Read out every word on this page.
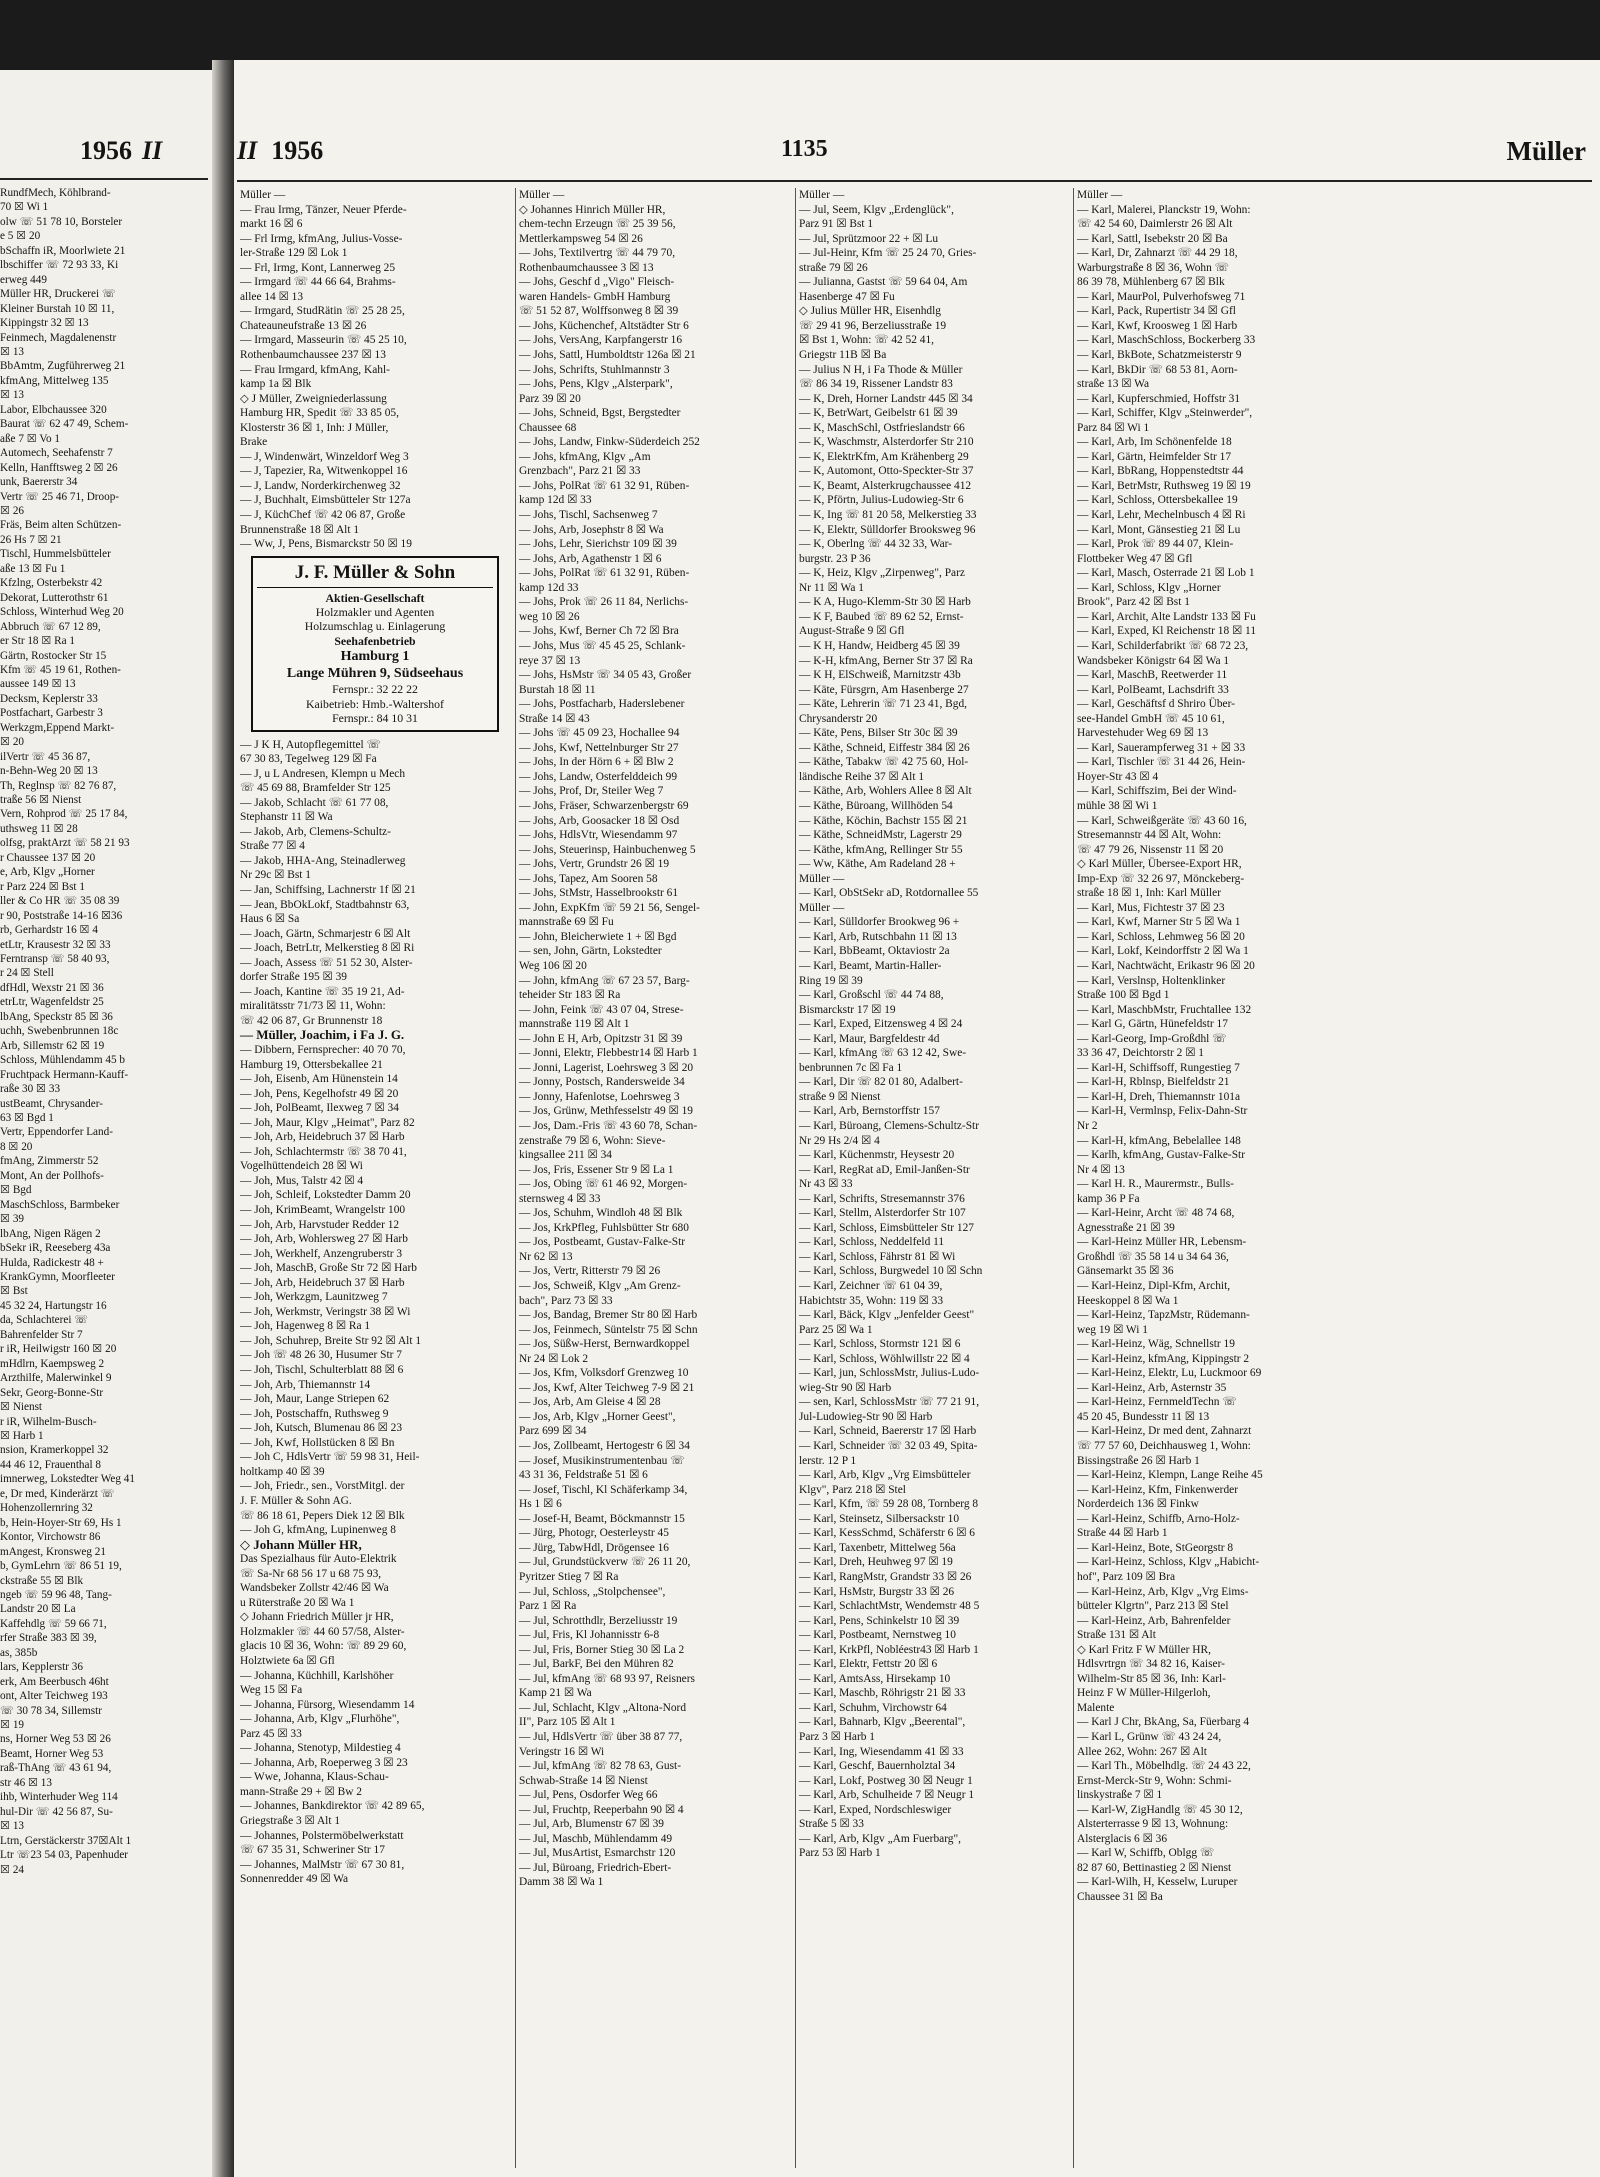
1956 II
RundfMech, Köhlbrand-
70 ☒ Wi 1
olw ☏ 51 78 10, Borsteler
e 5 ☒ 20
bSchaffn iR, Moorlwiete 21
lbschiffer ☏ 72 93 33, Ki
erweg 449
Müller HR, Druckerei ☏
Kleiner Burstah 10 ☒ 11,
Kippingstr 32 ☒ 13
Feinmech, Magdalenenstr
☒ 13
BbAmtm, Zugführerweg 21
kfmAng, Mittelweg 135
☒ 13
Labor, Elbchaussee 320
Baurat ☏ 62 47 49, Schem-
aße 7 ☒ Vo 1
Automech, Seehafenstr 7
Kelln, Hanfftsweg 2 ☒ 26
unk, Baererstr 34
Vertr ☏ 25 46 71, Droop-
☒ 26
Fräs, Beim alten Schützen-
26 Hs 7 ☒ 21
Tischl, Hummelsbütteler
aße 13 ☒ Fu 1
Kfzlng, Osterbekstr 42
Dekorat, Lutterothstr 61
Schloss, Winterhud Weg 20
Abbruch ☏ 67 12 89,
er Str 18 ☒ Ra 1
Gärtn, Rostocker Str 15
Kfm ☏ 45 19 61, Rothen-
aussee 149 ☒ 13
Decksm, Keplerstr 33
Postfachart, Garbestr 3
Werkzgm,Eppend Markt-
☒ 20
ilVertr ☏ 45 36 87,
n-Behn-Weg 20 ☒ 13
Th, Reglnsp ☏ 82 76 87,
traße 56 ☒ Nienst
Vern, Rohprod ☏ 25 17 84,
uthsweg 11 ☒ 28
olfsg, praktArzt ☏ 58 21 93
r Chaussee 137 ☒ 20
e, Arb, Klgv „Horner
r Parz 224 ☒ Bst 1
ller & Co HR ☏ 35 08 39
r 90, Poststraße 14-16 ☒36
rb, Gerhardstr 16 ☒ 4
etLtr, Krausestr 32 ☒ 33
Ferntransp ☏ 58 40 93,
r 24 ☒ Stell
dfHdl, Wexstr 21 ☒ 36
etrLtr, Wagenfeldstr 25
lbAng, Speckstr 85 ☒ 36
uchh, Swebenbrunnen 18c
Arb, Sillemstr 62 ☒ 19
Schloss, Mühlendamm 45 b
Fruchtpack Hermann-Kauff-
raße 30 ☒ 33
ustBeamt, Chrysander-
63 ☒ Bgd 1
Vertr, Eppendorfer Land-
8 ☒ 20
fmAng, Zimmerstr 52
Mont, An der Pollhofs-
☒ Bgd
MaschSchloss, Barmbeker
☒ 39
lbAng, Nigen Rägen 2
bSekr iR, Reeseberg 43a
Hulda, Radickestr 48 +
KrankGymn, Moorfleeter
☒ Bst
45 32 24, Hartungstr 16
da, Schlachterei ☏
Bahrenfelder Str 7
r iR, Heilwigstr 160 ☒ 20
mHdlrn, Kaempsweg 2
Arzthilfe, Malerwinkel 9
Sekr, Georg-Bonne-Str
☒ Nienst
r iR, Wilhelm-Busch-
☒ Harb 1
nsion, Kramerkoppel 32
44 46 12, Frauenthal 8
imnerweg, Lokstedter Weg 41
e, Dr med, Kinderärzt ☏
Hohenzollernring 32
b, Hein-Hoyer-Str 69, Hs 1
Kontor, Virchowstr 86
mAngest, Kronsweg 21
b, GymLehrn ☏ 86 51 19,
ckstraße 55 ☒ Blk
ngeb ☏ 59 96 48, Tang-
Landstr 20 ☒ La
Kaffehdlg ☏ 59 66 71,
rfer Straße 383 ☒ 39,
as, 385b
lars, Kepplerstr 36
erk, Am Beerbusch 46ht
ont, Alter Teichweg 193
☏ 30 78 34, Sillemstr
☒ 19
ns, Horner Weg 53 ☒ 26
Beamt, Horner Weg 53
raß-ThAng ☏ 43 61 94,
str 46 ☒ 13
ihb, Winterhuder Weg 114
hul-Dir ☏ 42 56 87, Su-
☒ 13
Ltrn, Gerstäckerstr 37☒Alt 1
Ltr ☏23 54 03, Papenhuder
☒ 24
II 1956	1135	Müller
Müller —
— Frau Irmg, Tänzer, Neuer Pferde-
markt 16 ☒ 6
— Frl Irmg, kfmAng, Julius-Vosse-
ler-Straße 129 ☒ Lok 1
— Frl, Irmg, Kont, Lannerweg 25
— Irmgard ☏ 44 66 64, Brahms-
allee 14 ☒ 13
— Irmgard, StudRätin ☏ 25 28 25,
Chateauneufstraße 13 ☒ 26
— Irmgard, Masseurin ☏ 45 25 10,
Rothenbaumchaussee 237 ☒ 13
— Frau Irmgard, kfmAng, Kahl-
kamp 1a ☒ Blk
◇ J Müller, Zweigniederlassung
Hamburg HR, Spedit ☏ 33 85 05,
Klosterstr 36 ☒ 1, Inh: J Müller,
Brake
— J, Windenwärt, Winzeldorf Weg 3
— J, Tapezier, Ra, Witwenkoppel 16
— J, Landw, Norderkirchenweg 32
— J, Buchhalt, Eimsbütteler Str 127a
— J, KüchChef ☏ 42 06 87, Große
Brunnenstraße 18 ☒ Alt 1
— Ww, J, Pens, Bismarckstr 50 ☒ 19
J. F. Müller & Sohn
Aktien-Gesellschaft
Holzmakler und Agenten
Holzumschlag u. Einlagerung
Seehafenbetrieb
Hamburg 1
Lange Mühren 9, Südseehaus
Fernspr.: 32 22 22
Kaibetrieb: Hmb.-Waltershof
Fernspr.: 84 10 31
— J K H, Autopflegemittel ☏
67 30 83, Tegelweg 129 ☒ Fa
— J, u L Andresen, Klempn u Mech
☏ 45 69 88, Bramfelder Str 125
— Jakob, Schlacht ☏ 61 77 08,
Stephanstr 11 ☒ Wa
— Jakob, Arb, Clemens-Schultz-
Straße 77 ☒ 4
— Jakob, HHA-Ang, Steinadlerweg
Nr 29c ☒ Bst 1
— Jan, Schiffsing, Lachnerstr 1f ☒ 21
— Jean, BbOkLokf, Stadtbahnstr 63,
Haus 6 ☒ Sa
— Joach, Gärtn, Schmarjestr 6 ☒ Alt
— Joach, BetrLtr, Melkerstieg 8 ☒ Ri
— Joach, Assess ☏ 51 52 30, Alster-
dorfer Straße 195 ☒ 39
— Joach, Kantine ☏ 35 19 21, Ad-
miralitätsstr 71/73 ☒ 11, Wohn:
☏ 42 06 87, Gr Brunnenstr 18
— Müller, Joachim, i Fa J. G.
— Dibbern, Fernsprecher: 40 70 70,
Hamburg 19, Ottersbekallee 21
— Joh, Eisenb, Am Hünenstein 14
— Joh, Pens, Kegelhofstr 49 ☒ 20
— Joh, PolBeamt, Ilexweg 7 ☒ 34
— Joh, Maur, Klgv „Heimat", Parz 82
— Joh, Arb, Heidebruch 37 ☒ Harb
— Joh, Schlachtermstr ☏ 38 70 41,
Vogelhüttendeich 28 ☒ Wi
— Joh, Mus, Talstr 42 ☒ 4
— Joh, Schleif, Lokstedter Damm 20
— Joh, KrimBeamt, Wrangelstr 100
— Joh, Arb, Harvstuder Redder 12
— Joh, Arb, Wohlersweg 27 ☒ Harb
— Joh, Werkhelf, Anzengruberstr 3
— Joh, MaschB, Große Str 72 ☒ Harb
— Joh, Arb, Heidebruch 37 ☒ Harb
— Joh, Werkzgm, Launitzweg 7
— Joh, Werkmstr, Veringstr 38 ☒ Wi
— Joh, Hagenweg 8 ☒ Ra 1
— Joh, Schuhrep, Breite Str 92 ☒ Alt 1
— Joh ☏ 48 26 30, Husumer Str 7
— Joh, Tischl, Schulterblatt 88 ☒ 6
— Joh, Arb, Thiemannstr 14
— Joh, Maur, Lange Striepen 62
— Joh, Postschaffn, Ruthsweg 9
— Joh, Kutsch, Blumenau 86 ☒ 23
— Joh, Kwf, Hollstücken 8 ☒ Bn
— Joh C, HdlsVertr ☏ 59 98 31, Heil-
holtkamp 40 ☒ 39
— Joh, Friedr., sen., VorstMitgl. der
J. F. Müller & Sohn AG.
☏ 86 18 61, Pepers Diek 12 ☒ Blk
— Joh G, kfmAng, Lupinenweg 8
◇ Johann Müller HR,
Das Spezialhaus für Auto-Elektrik
☏ Sa-Nr 68 56 17 u 68 75 93,
Wandsbeker Zollstr 42/46 ☒ Wa
u Rüterstraße 20 ☒ Wa 1
◇ Johann Friedrich Müller jr HR,
Holzmakler ☏ 44 60 57/58, Alster-
glacis 10 ☒ 36, Wohn: ☏ 89 29 60,
Holztwiete 6a ☒ Gfl
— Johanna, Küchhill, Karlshöher
Weg 15 ☒ Fa
— Johanna, Fürsorg, Wiesendamm 14
— Johanna, Arb, Klgv „Flurhöhe",
Parz 45 ☒ 33
— Johanna, Stenotyp, Mildestieg 4
— Johanna, Arb, Roeperweg 3 ☒ 23
— Wwe, Johanna, Klaus-Schau-
mann-Straße 29 + ☒ Bw 2
— Johannes, Bankdirektor ☏ 42 89 65,
Griegstraße 3 ☒ Alt 1
— Johannes, Polstermöbelwerkstatt
☏ 67 35 31, Schweriner Str 17
— Johannes, MalMstr ☏ 67 30 81,
Sonnenredder 49 ☒ Wa
Müller —
◇ Johannes Hinrich Müller HR,
chem-techn Erzeugn ☏ 25 39 56,
Mettlerkampsweg 54 ☒ 26
— Johs, Textilvertrg ☏ 44 79 70,
Rothenbaumchaussee 3 ☒ 13
— Johs, Geschf d „Vigo" Fleisch-
waren Handels- GmbH Hamburg
☏ 51 52 87, Wolffsonweg 8 ☒ 39
— Johs, Küchenchef, Altstädter Str 6
— Johs, VersAng, Karpfangerstr 16
— Johs, Sattl, Humboldtstr 126a ☒ 21
— Johs, Schrifts, Stuhlmannstr 3
— Johs, Pens, Klgv „Alsterpark",
Parz 39 ☒ 20
— Johs, Schneid, Bgst, Bergstedter
Chaussee 68
— Johs, Landw, Finkw-Süderdeich 252
— Johs, kfmAng, Klgv „Am
Grenzbach", Parz 21 ☒ 33
— Johs, PolRat ☏ 61 32 91, Rüben-
kamp 12d ☒ 33
— Johs, Tischl, Sachsenweg 7
— Johs, Arb, Josephstr 8 ☒ Wa
— Johs, Lehr, Sierichstr 109 ☒ 39
— Johs, Arb, Agathenstr 1 ☒ 6
— Johs, PolRat ☏ 61 32 91, Rüben-
kamp 12d 33
— Johs, Prok ☏ 26 11 84, Nerlichs-
weg 10 ☒ 26
— Johs, Kwf, Berner Ch 72 ☒ Bra
— Johs, Mus ☏ 45 45 25, Schlank-
reye 37 ☒ 13
— Johs, HsMstr ☏ 34 05 43, Großer
Burstah 18 ☒ 11
— Johs, Postfacharb, Haderslebener
Straße 14 ☒ 43
— Johs ☏ 45 09 23, Hochallee 94
— Johs, Kwf, Nettelnburger Str 27
— Johs, In der Hörn 6 + ☒ Blw 2
— Johs, Landw, Osterfelddeich 99
— Johs, Prof, Dr, Steiler Weg 7
— Johs, Fräser, Schwarzenbergstr 69
— Johs, Arb, Goosacker 18 ☒ Osd
— Johs, HdlsVtr, Wiesendamm 97
— Johs, Steuerinsp, Hainbuchenweg 5
— Johs, Vertr, Grundstr 26 ☒ 19
— Johs, Tapez, Am Sooren 58
— Johs, StMstr, Hasselbrookstr 61
— John, ExpKfm ☏ 59 21 56, Sengel-
mannstraße 69 ☒ Fu
— John, Bleicherwiete 1 + ☒ Bgd
— sen, John, Gärtn, Lokstedter
Weg 106 ☒ 20
— John, kfmAng ☏ 67 23 57, Barg-
teheider Str 183 ☒ Ra
— John, Feink ☏ 43 07 04, Strese-
mannstraße 119 ☒ Alt 1
— John E H, Arb, Opitzstr 31 ☒ 39
— Jonni, Elektr, Flebbestr14 ☒ Harb 1
— Jonni, Lagerist, Loehrsweg 3 ☒ 20
— Jonny, Postsch, Randersweide 34
— Jonny, Hafenlotse, Loehrsweg 3
— Jos, Grünw, Methfesselstr 49 ☒ 19
— Jos, Dam.-Fris ☏ 43 60 78, Schan-
zenstraße 79 ☒ 6, Wohn: Sieve-
kingsallee 211 ☒ 34
— Jos, Fris, Essener Str 9 ☒ La 1
— Jos, Obing ☏ 61 46 92, Morgen-
sternsweg 4 ☒ 33
— Jos, Schuhm, Windloh 48 ☒ Blk
— Jos, KrkPfleg, Fuhlsbütter Str 680
— Jos, Postbeamt, Gustav-Falke-Str
Nr 62 ☒ 13
— Jos, Vertr, Ritterstr 79 ☒ 26
— Jos, Schweiß, Klgv „Am Grenz-
bach", Parz 73 ☒ 33
— Jos, Bandag, Bremer Str 80 ☒ Harb
— Jos, Feinmech, Süntelstr 75 ☒ Schn
— Jos, Süßw-Herst, Bernwardkoppel
Nr 24 ☒ Lok 2
— Jos, Kfm, Volksdorf Grenzweg 10
— Jos, Kwf, Alter Teichweg 7-9 ☒ 21
— Jos, Arb, Am Gleise 4 ☒ 28
— Jos, Arb, Klgv „Horner Geest",
Parz 699 ☒ 34
— Jos, Zollbeamt, Hertogestr 6 ☒ 34
— Josef, Musikinstrumentenbau ☏
43 31 36, Feldstraße 51 ☒ 6
— Josef, Tischl, Kl Schäferkamp 34,
Hs 1 ☒ 6
— Josef-H, Beamt, Böckmannstr 15
— Jürg, Photogr, Oesterleystr 45
— Jürg, TabwHdl, Drögensee 16
— Jul, Grundstückverw ☏ 26 11 20,
Pyritzer Stieg 7 ☒ Ra
— Jul, Schloss, „Stolpchensee",
Parz 1 ☒ Ra
— Jul, Schrotthdlr, Berzeliusstr 19
— Jul, Fris, Kl Johannisstr 6-8
— Jul, Fris, Borner Stieg 30 ☒ La 2
— Jul, BarkF, Bei den Mühren 82
— Jul, kfmAng ☏ 68 93 97, Reisners
Kamp 21 ☒ Wa
— Jul, Schlacht, Klgv „Altona-Nord
II", Parz 105 ☒ Alt 1
— Jul, HdlsVertr ☏ über 38 87 77,
Veringstr 16 ☒ Wi
— Jul, kfmAng ☏ 82 78 63, Gust-
Schwab-Straße 14 ☒ Nienst
— Jul, Pens, Osdorfer Weg 66
— Jul, Fruchtp, Reeperbahn 90 ☒ 4
— Jul, Arb, Blumenstr 67 ☒ 39
— Jul, Maschb, Mühlendamm 49
— Jul, MusArtist, Esmarchstr 120
— Jul, Büroang, Friedrich-Ebert-
Damm 38 ☒ Wa 1
Müller —
— Jul, Seem, Klgv „Erdenglück",
Parz 91 ☒ Bst 1
— Jul, Sprützmoor 22 + ☒ Lu
— Jul-Heinr, Kfm ☏ 25 24 70, Gries-
straße 79 ☒ 26
— Julianna, Gastst ☏ 59 64 04, Am
Hasenberge 47 ☒ Fu
◇ Julius Müller HR, Eisenhdlg
☏ 29 41 96, Berzeliusstraße 19
☒ Bst 1, Wohn: ☏ 42 52 41,
Griegstr 11B ☒ Ba
— Julius N H, i Fa Thode & Müller
☏ 86 34 19, Rissener Landstr 83
— K, Dreh, Horner Landstr 445 ☒ 34
— K, BetrWart, Geibelstr 61 ☒ 39
— K, MaschSchl, Ostfrieslandstr 66
— K, Waschmstr, Alsterdorfer Str 210
— K, ElektrKfm, Am Krähenberg 29
— K, Automont, Otto-Speckter-Str 37
— K, Beamt, Alsterkrugchaussee 412
— K, Pförtn, Julius-Ludowieg-Str 6
— K, Ing ☏ 81 20 58, Melkerstieg 33
— K, Elektr, Sülldorfer Brooksweg 96
— K, Oberlng ☏ 44 32 33, War-
burgstr. 23 P 36
— K, Heiz, Klgv „Zirpenweg", Parz
Nr 11 ☒ Wa 1
— K A, Hugo-Klemm-Str 30 ☒ Harb
— K F, Baubed ☏ 89 62 52, Ernst-
August-Straße 9 ☒ Gfl
— K H, Handw, Heidberg 45 ☒ 39
— K-H, kfmAng, Berner Str 37 ☒ Ra
— K H, ElSchweiß, Marnitzstr 43b
— Käte, Fürsgrn, Am Hasenberge 27
— Käte, Lehrerin ☏ 71 23 41, Bgd,
Chrysanderstr 20
— Käte, Pens, Bilser Str 30c ☒ 39
— Käthe, Schneid, Eiffestr 384 ☒ 26
— Käthe, Tabakw ☏ 42 75 60, Hol-
ländische Reihe 37 ☒ Alt 1
— Käthe, Arb, Wohlers Allee 8 ☒ Alt
— Käthe, Büroang, Willhöden 54
— Käthe, Köchin, Bachstr 155 ☒ 21
— Käthe, SchneidMstr, Lagerstr 29
— Käthe, kfmAng, Rellinger Str 55
— Ww, Käthe, Am Radeland 28 +
Müller —
— Karl, ObStSekr aD, Rotdornallee 55
Müller —
— Karl, Sülldorfer Brookweg 96 +
— Karl, Arb, Rutschbahn 11 ☒ 13
— Karl, BbBeamt, Oktaviostr 2a
— Karl, Beamt, Martin-Haller-
Ring 19 ☒ 39
— Karl, Großschl ☏ 44 74 88,
Bismarckstr 17 ☒ 19
— Karl, Exped, Eitzensweg 4 ☒ 24
— Karl, Maur, Bargfeldestr 4d
— Karl, kfmAng ☏ 63 12 42, Swe-
benbrunnen 7c ☒ Fa 1
— Karl, Dir ☏ 82 01 80, Adalbert-
straße 9 ☒ Nienst
— Karl, Arb, Bernstorffstr 157
— Karl, Büroang, Clemens-Schultz-Str
Nr 29 Hs 2/4 ☒ 4
— Karl, Küchenmstr, Heysestr 20
— Karl, RegRat aD, Emil-Janßen-Str
Nr 43 ☒ 33
— Karl, Schrifts, Stresemannstr 376
— Karl, Stellm, Alsterdorfer Str 107
— Karl, Schloss, Eimsbütteler Str 127
— Karl, Schloss, Neddelfeld 11
— Karl, Schloss, Fährstr 81 ☒ Wi
— Karl, Schloss, Burgwedel 10 ☒ Schn
— Karl, Zeichner ☏ 61 04 39,
Habichtstr 35, Wohn: 119 ☒ 33
— Karl, Bäck, Klgv „Jenfelder Geest"
Parz 25 ☒ Wa 1
— Karl, Schloss, Stormstr 121 ☒ 6
— Karl, Schloss, Wöhlwillstr 22 ☒ 4
— Karl, jun, SchlossMstr, Julius-Ludo-
wieg-Str 90 ☒ Harb
— sen, Karl, SchlossMstr ☏ 77 21 91,
Jul-Ludowieg-Str 90 ☒ Harb
— Karl, Schneid, Baererstr 17 ☒ Harb
— Karl, Schneider ☏ 32 03 49, Spita-
lerstr. 12 P 1
— Karl, Arb, Klgv „Vrg Eimsbütteler
Klgv", Parz 218 ☒ Stel
— Karl, Kfm, ☏ 59 28 08, Tornberg 8
— Karl, Steinsetz, Silbersackstr 10
— Karl, KessSchmd, Schäferstr 6 ☒ 6
— Karl, Taxenbetr, Mittelweg 56a
— Karl, Dreh, Heuhweg 97 ☒ 19
— Karl, RangMstr, Grandstr 33 ☒ 26
— Karl, HsMstr, Burgstr 33 ☒ 26
— Karl, SchlachtMstr, Wendemstr 48 5
— Karl, Pens, Schinkelstr 10 ☒ 39
— Karl, Postbeamt, Nernstweg 10
— Karl, KrkPfl, Nobléestr43 ☒ Harb 1
— Karl, Elektr, Fettstr 20 ☒ 6
— Karl, AmtsAss, Hirsekamp 10
— Karl, Maschb, Röhrigstr 21 ☒ 33
— Karl, Schuhm, Virchowstr 64
— Karl, Bahnarb, Klgv „Beerental",
Parz 3 ☒ Harb 1
— Karl, Ing, Wiesendamm 41 ☒ 33
— Karl, Geschf, Bauernholztal 34
— Karl, Lokf, Postweg 30 ☒ Neugr 1
— Karl, Arb, Schulheide 7 ☒ Neugr 1
— Karl, Exped, Nordschleswiger
Straße 5 ☒ 33
— Karl, Arb, Klgv „Am Fuerbarg",
Parz 53 ☒ Harb 1
Müller —
— Karl, Malerei, Planckstr 19, Wohn:
☏ 42 54 60, Daimlerstr 26 ☒ Alt
— Karl, Sattl, Isebekstr 20 ☒ Ba
— Karl, Dr, Zahnarzt ☏ 44 29 18,
Warburgstraße 8 ☒ 36, Wohn ☏
86 39 78, Mühlenberg 67 ☒ Blk
— Karl, MaurPol, Pulverhofsweg 71
— Karl, Pack, Rupertistr 34 ☒ Gfl
— Karl, Kwf, Kroosweg 1 ☒ Harb
— Karl, MaschSchloss, Bockerberg 33
— Karl, BkBote, Schatzmeisterstr 9
— Karl, BkDir ☏ 68 53 81, Aorn-
straße 13 ☒ Wa
— Karl, Kupferschmied, Hoffstr 31
— Karl, Schiffer, Klgv „Steinwerder",
Parz 84 ☒ Wi 1
— Karl, Arb, Im Schönenfelde 18
— Karl, Gärtn, Heimfelder Str 17
— Karl, BbRang, Hoppenstedtstr 44
— Karl, BetrMstr, Ruthsweg 19 ☒ 19
— Karl, Schloss, Ottersbekallee 19
— Karl, Lehr, Mechelnbusch 4 ☒ Ri
— Karl, Mont, Gänsestieg 21 ☒ Lu
— Karl, Prok ☏ 89 44 07, Klein-
Flottbeker Weg 47 ☒ Gfl
— Karl, Masch, Osterrade 21 ☒ Lob 1
— Karl, Schloss, Klgv „Horner
Brook", Parz 42 ☒ Bst 1
— Karl, Archit, Alte Landstr 133 ☒ Fu
— Karl, Exped, Kl Reichenstr 18 ☒ 11
— Karl, Schilderfabrikt ☏ 68 72 23,
Wandsbeker Königstr 64 ☒ Wa 1
— Karl, MaschB, Reetwerder 11
— Karl, PolBeamt, Lachsdrift 33
— Karl, Geschäftsf d Shriro Über-
see-Handel GmbH ☏ 45 10 61,
Harvestehuder Weg 69 ☒ 13
— Karl, Sauerampferweg 31 + ☒ 33
— Karl, Tischler ☏ 31 44 26, Hein-
Hoyer-Str 43 ☒ 4
— Karl, Schiffszim, Bei der Wind-
mühle 38 ☒ Wi 1
— Karl, Schweißgeräte ☏ 43 60 16,
Stresemannstr 44 ☒ Alt, Wohn:
☏ 47 79 26, Nissenstr 11 ☒ 20
◇ Karl Müller, Übersee-Export HR,
Imp-Exp ☏ 32 26 97, Mönckeberg-
straße 18 ☒ 1, Inh: Karl Müller
— Karl, Mus, Fichtestr 37 ☒ 23
— Karl, Kwf, Marner Str 5 ☒ Wa 1
— Karl, Schloss, Lehmweg 56 ☒ 20
— Karl, Lokf, Keindorffstr 2 ☒ Wa 1
— Karl, Nachtwächt, Erikastr 96 ☒ 20
— Karl, Verslnsp, Holtenklinker
Straße 100 ☒ Bgd 1
— Karl, MaschbMstr, Fruchtallee 132
— Karl G, Gärtn, Hünefeldstr 17
— Karl-Georg, Imp-Großdhl ☏
33 36 47, Deichtorstr 2 ☒ 1
— Karl-H, Schiffsoff, Rungestieg 7
— Karl-H, Rblnsp, Bielfeldstr 21
— Karl-H, Dreh, Thiemannstr 101a
— Karl-H, Vermlnsp, Felix-Dahn-Str
Nr 2
— Karl-H, kfmAng, Bebelallee 148
— Karlh, kfmAng, Gustav-Falke-Str
Nr 4 ☒ 13
— Karl H. R., Maurermstr., Bulls-
kamp 36 P Fa
— Karl-Heinr, Archt ☏ 48 74 68,
Agnesstraße 21 ☒ 39
— Karl-Heinz Müller HR, Lebensm-
Großhdl ☏ 35 58 14 u 34 64 36,
Gänsemarkt 35 ☒ 36
— Karl-Heinz, Dipl-Kfm, Archit,
Heeskoppel 8 ☒ Wa 1
— Karl-Heinz, TapzMstr, Rüdemann-
weg 19 ☒ Wi 1
— Karl-Heinz, Wäg, Schnellstr 19
— Karl-Heinz, kfmAng, Kippingstr 2
— Karl-Heinz, Elektr, Lu, Luckmoor 69
— Karl-Heinz, Arb, Asternstr 35
— Karl-Heinz, FernmeldTechn ☏
45 20 45, Bundesstr 11 ☒ 13
— Karl-Heinz, Dr med dent, Zahnarzt
☏ 77 57 60, Deichhausweg 1, Wohn:
Bissingstraße 26 ☒ Harb 1
— Karl-Heinz, Klempn, Lange Reihe 45
— Karl-Heinz, Kfm, Finkenwerder
Norderdeich 136 ☒ Finkw
— Karl-Heinz, Schiffb, Arno-Holz-
Straße 44 ☒ Harb 1
— Karl-Heinz, Bote, StGeorgstr 8
— Karl-Heinz, Schloss, Klgv „Habicht-
hof", Parz 109 ☒ Bra
— Karl-Heinz, Arb, Klgv „Vrg Eims-
bütteler Klgrtn", Parz 213 ☒ Stel
— Karl-Heinz, Arb, Bahrenfelder
Straße 131 ☒ Alt
◇ Karl Fritz F W Müller HR,
Hdlsvrtrgn ☏ 34 82 16, Kaiser-
Wilhelm-Str 85 ☒ 36, Inh: Karl-
Heinz F W Müller-Hilgerloh,
Malente
— Karl J Chr, BkAng, Sa, Füerbarg 4
— Karl L, Grünw ☏ 43 24 24,
Allee 262, Wohn: 267 ☒ Alt
— Karl Th., Möbelhdlg. ☏ 24 43 22,
Ernst-Merck-Str 9, Wohn: Schmi-
linskystraße 7 ☒ 1
— Karl-W, ZigHandlg ☏ 45 30 12,
Alsterterrasse 9 ☒ 13, Wohnung:
Alsterglacis 6 ☒ 36
— Karl W, Schiffb, Oblgg ☏
82 87 60, Bettinastieg 2 ☒ Nienst
— Karl-Wilh, H, Kesselw, Luruper
Chaussee 31 ☒ Ba
